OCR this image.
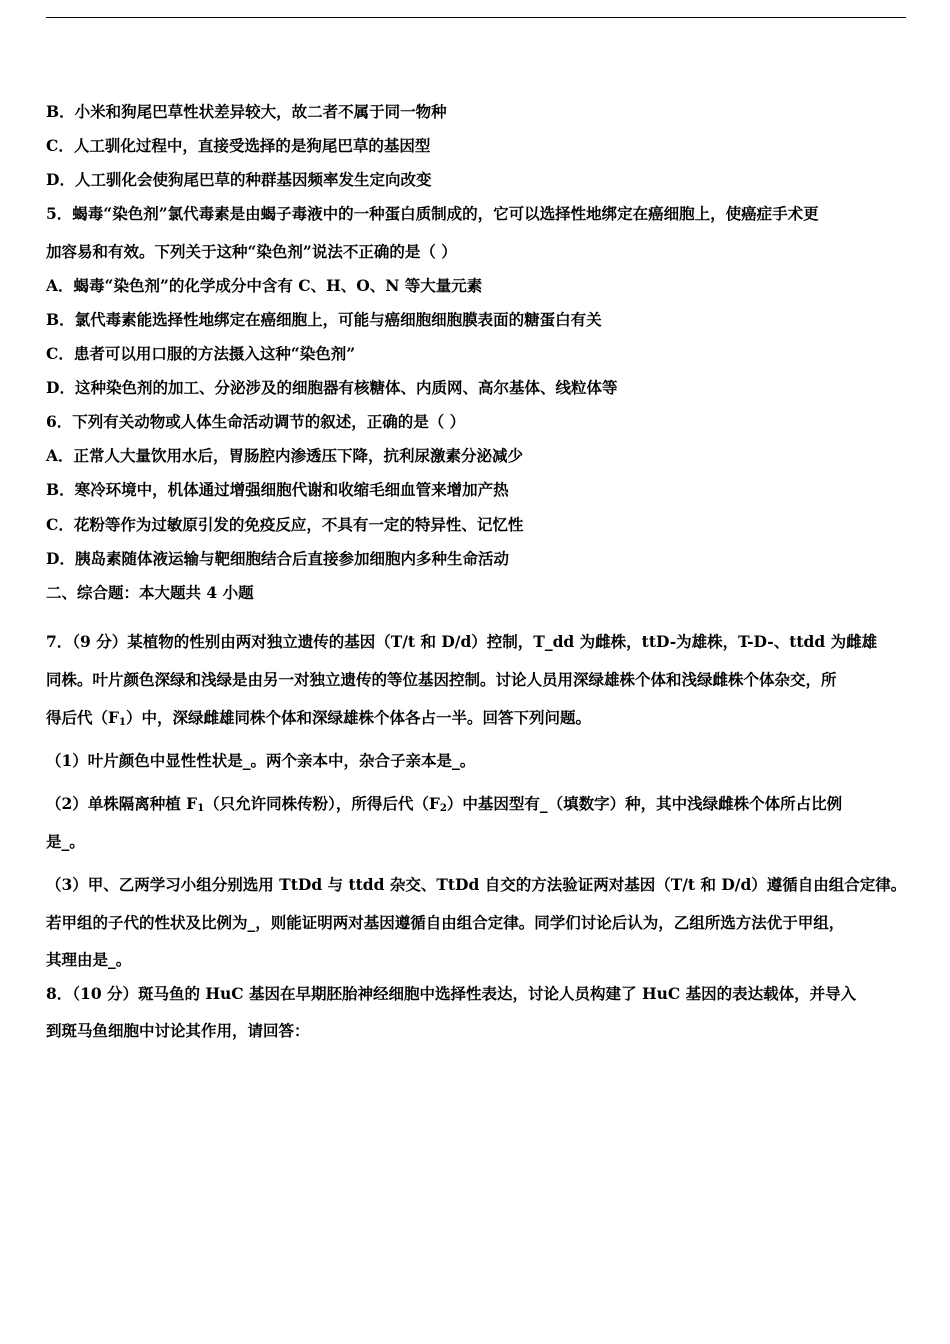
B．小米和狗尾巴草性状差异较大，故二者不属于同一物种
C．人工驯化过程中，直接受选择的是狗尾巴草的基因型
D．人工驯化会使狗尾巴草的种群基因频率发生定向改变
5．蝎毒“染色剂”氯代毒素是由蝎子毒液中的一种蛋白质制成的，它可以选择性地绑定在癌细胞上，使癌症手术更
加容易和有效。下列关于这种“染色剂”说法不正确的是（ ）
A．蝎毒“染色剂”的化学成分中含有 C、H、O、N 等大量元素
B．氯代毒素能选择性地绑定在癌细胞上，可能与癌细胞细胞膜表面的糖蛋白有关
C．患者可以用口服的方法摄入这种“染色剂”
D．这种染色剂的加工、分泌涉及的细胞器有核糖体、内质网、高尔基体、线粒体等
6．下列有关动物或人体生命活动调节的叙述，正确的是（ ）
A．正常人大量饮用水后，胃肠腔内渗透压下降，抗利尿激素分泌减少
B．寒冷环境中，机体通过增强细胞代谢和收缩毛细血管来增加产热
C．花粉等作为过敏原引发的免疫反应，不具有一定的特异性、记忆性
D．胰岛素随体液运输与靶细胞结合后直接参加细胞内多种生命活动
二、综合题：本大题共 4 小题
7．（9 分）某植物的性别由两对独立遗传的基因（T/t 和 D/d）控制，T_dd 为雌株，ttD-为雄株，T-D-、ttdd 为雌雄
同株。叶片颜色深绿和浅绿是由另一对独立遗传的等位基因控制。讨论人员用深绿雄株个体和浅绿雌株个体杂交，所
得后代$(F_1)$中，深绿雌雄同株个体和深绿雄株个体各占一半。回答下列问题。
（1）叶片颜色中显性性状是_。两个亲本中，杂合子亲本是_。
（2）单株隔离种植 $F_1$（只允许同株传粉），所得后代$(F_2)$中基因型有_（填数字）种，其中浅绿雌株个体所占比例
是_。
（3）甲、乙两学习小组分别选用 TtDd 与 ttdd 杂交、TtDd 自交的方法验证两对基因（T/t 和 D/d）遵循自由组合定律。
若甲组的子代的性状及比例为_，则能证明两对基因遵循自由组合定律。同学们讨论后认为，乙组所选方法优于甲组，
其理由是_。
8．（10 分）斑马鱼的 HuC 基因在早期胚胎神经细胞中选择性表达，讨论人员构建了 HuC 基因的表达载体，并导入
到斑马鱼细胞中讨论其作用，请回答：
